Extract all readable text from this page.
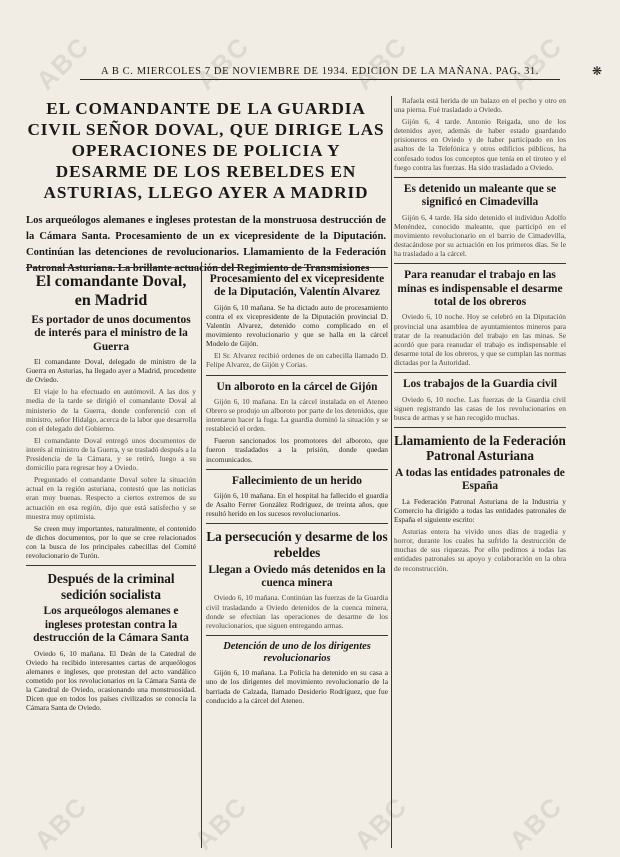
A B C. MIERCOLES 7 DE NOVIEMBRE DE 1934. EDICION DE LA MAÑANA. PAG. 31.	❋
EL COMANDANTE DE LA GUARDIA CIVIL SEÑOR DOVAL, QUE DIRIGE LAS OPERACIONES DE POLICIA Y DESARME DE LOS REBELDES EN ASTURIAS, LLEGO AYER A MADRID
Los arqueólogos alemanes e ingleses protestan de la monstruosa destrucción de la Cámara Santa. Procesamiento de un ex vicepresidente de la Diputación. Continúan las detenciones de revolucionarios. Llamamiento de la Federación Patronal Asturiana. La brillante actuación del Regimiento de Transmisiones
El comandante Doval, en Madrid
Es portador de unos documentos de interés para el ministro de la Guerra

El comandante Doval, delegado de ministro de la Guerra en Asturias, ha llegado ayer a Madrid, procedente de Oviedo.

El viaje lo ha efectuado en autómovil. A las dos y media de la tarde se dirigió el comandante Doval al ministerio de la Guerra, donde conferenció con el ministro, señor Hidalgo, acerca de la labor que desarrolla con el delegado del Gobierno.

El comandante Doval entregó unos documentos de interés al ministro de la Guerra, y se trasladó después a la Presidencia de la Cámara, y se retiró, luego a su domicilio para regresar hoy a Oviedo.

Preguntado el comandante Doval sobre la situación actual en la región asturiana, contestó que las noticias eran muy buenas. Respecto a ciertos extremos de su actuación en esa región, dijo que está satisfecho y se muestra muy optimista.

Se creen muy importantes, naturalmente, el contenido de dichos documentos, por lo que se cree relacionados con la busca de los principales cabecillas del Comité revolucionario de Turón.

Después de la criminal sedición socialista
Los arqueólogos alemanes e ingleses protestan contra la destrucción de la Cámara Santa

Oviedo 6, 10 mañana. El Deán de la Catedral de Oviedo ha recibido interesantes cartas de arqueólogos alemanes e ingleses, que protestan del acto vandálico cometido por los revolucionarios en la Cámara Santa de la Catedral de Oviedo, ocasionando una monstruosidad. Dicen que en todos los países civilizados se conocía la Cámara Santa de Oviedo.

Procesamiento del ex vicepresidente de la Diputación, Valentín Alvarez

Gijón 6, 10 mañana. Se ha dictado auto de procesamiento contra el ex vicepresidente de la Diputación provincial D. Valentín Alvarez, detenido como complicado en el movimiento revolucionario y que se halla en la cárcel Modelo de Gijón.

El Sr. Alvarez recibió ordenes de un cabecilla llamado D. Felipe Alvarez, de Gijón y Corias.

Un alboroto en la cárcel de Gijón

Gijón 6, 10 mañana. En la cárcel instalada en el Ateneo Obrero se produjo un alboroto por parte de los detenidos, que intentaron hacer la fuga. La guardia dominó la situación y se restableció el orden.

Fueron sancionados los promotores del alboroto, que fueron trasladados a la prisión, donde quedan incomunicados.

Fallecimiento de un herido

Gijón 6, 10 mañana. En el hospital ha fallecido el guardia de Asalto Ferrer González Rodríguez, de treinta años, que resultó herido en los sucesos revolucionarios.

La persecución y desarme de los rebeldes
Llegan a Oviedo más detenidos en la cuenca minera

Oviedo 6, 10 mañana. Continúan las fuerzas de la Guardia civil trasladando a Oviedo detenidos de la cuenca minera, donde se efectúan las operaciones de desarme de los revolucionarios, que siguen entregando armas.

Detención de uno de los dirigentes revolucionarios

Gijón 6, 10 mañana. La Policía ha detenido en su casa a uno de los dirigentes del movimiento revolucionario de la barriada de Calzada, llamado Desiderio Rodríguez, que fue conducido a la cárcel del Ateneo.

Rafaela está herida de un balazo en el pecho y otro en una pierna. Fué trasladado a Oviedo.

Gijón 6, 4 tarde. Antonio Reigada, uno de los detenidos ayer, además de haber estado guardando prisioneros en Oviedo y de haber participado en los asaltos de la Telefónica y otros edificios públicos, ha confesado todos los conceptos que tenía en el tiroteo y el fuego contra las fuerzas. Ha sido trasladado a Oviedo.

Es detenido un maleante que se significó en Cimadevilla

Gijón 6, 4 tarde. Ha sido detenido el individuo Adolfo Menéndez, conocido maleante, que participó en el movimiento revolucionario en el barrio de Cimadevilla, destacándose por su actuación en los primeros días. Se le ha trasladado a la cárcel.

Para reanudar el trabajo en las minas es indispensable el desarme total de los obreros

Oviedo 6, 10 noche. Hoy se celebró en la Diputación provincial una asamblea de ayuntamientos mineros para tratar de la reanudación del trabajo en las minas. Se acordó que para reanudar el trabajo es indispensable el desarme total de los obreros, y que se cumplan las normas dictadas por la Autoridad.

Los trabajos de la Guardia civil

Oviedo 6, 10 noche. Las fuerzas de la Guardia civil siguen registrando las casas de los revolucionarios en busca de armas y se han recogido muchas.

Llamamiento de la Federación Patronal Asturiana
A todas las entidades patronales de España

La Federación Patronal Asturiana de la Industria y Comercio ha dirigido a todas las entidades patronales de España el siguiente escrito:

Asturias entera ha vivido unos días de tragedia y horror, durante los cuales ha sufrido la destrucción de muchas de sus riquezas. Por ello pedimos a todas las entidades patronales su apoyo y colaboración en la obra de reconstrucción.

ABC	ABC	ABC	ABC
ABC	ABC	ABC	ABC
